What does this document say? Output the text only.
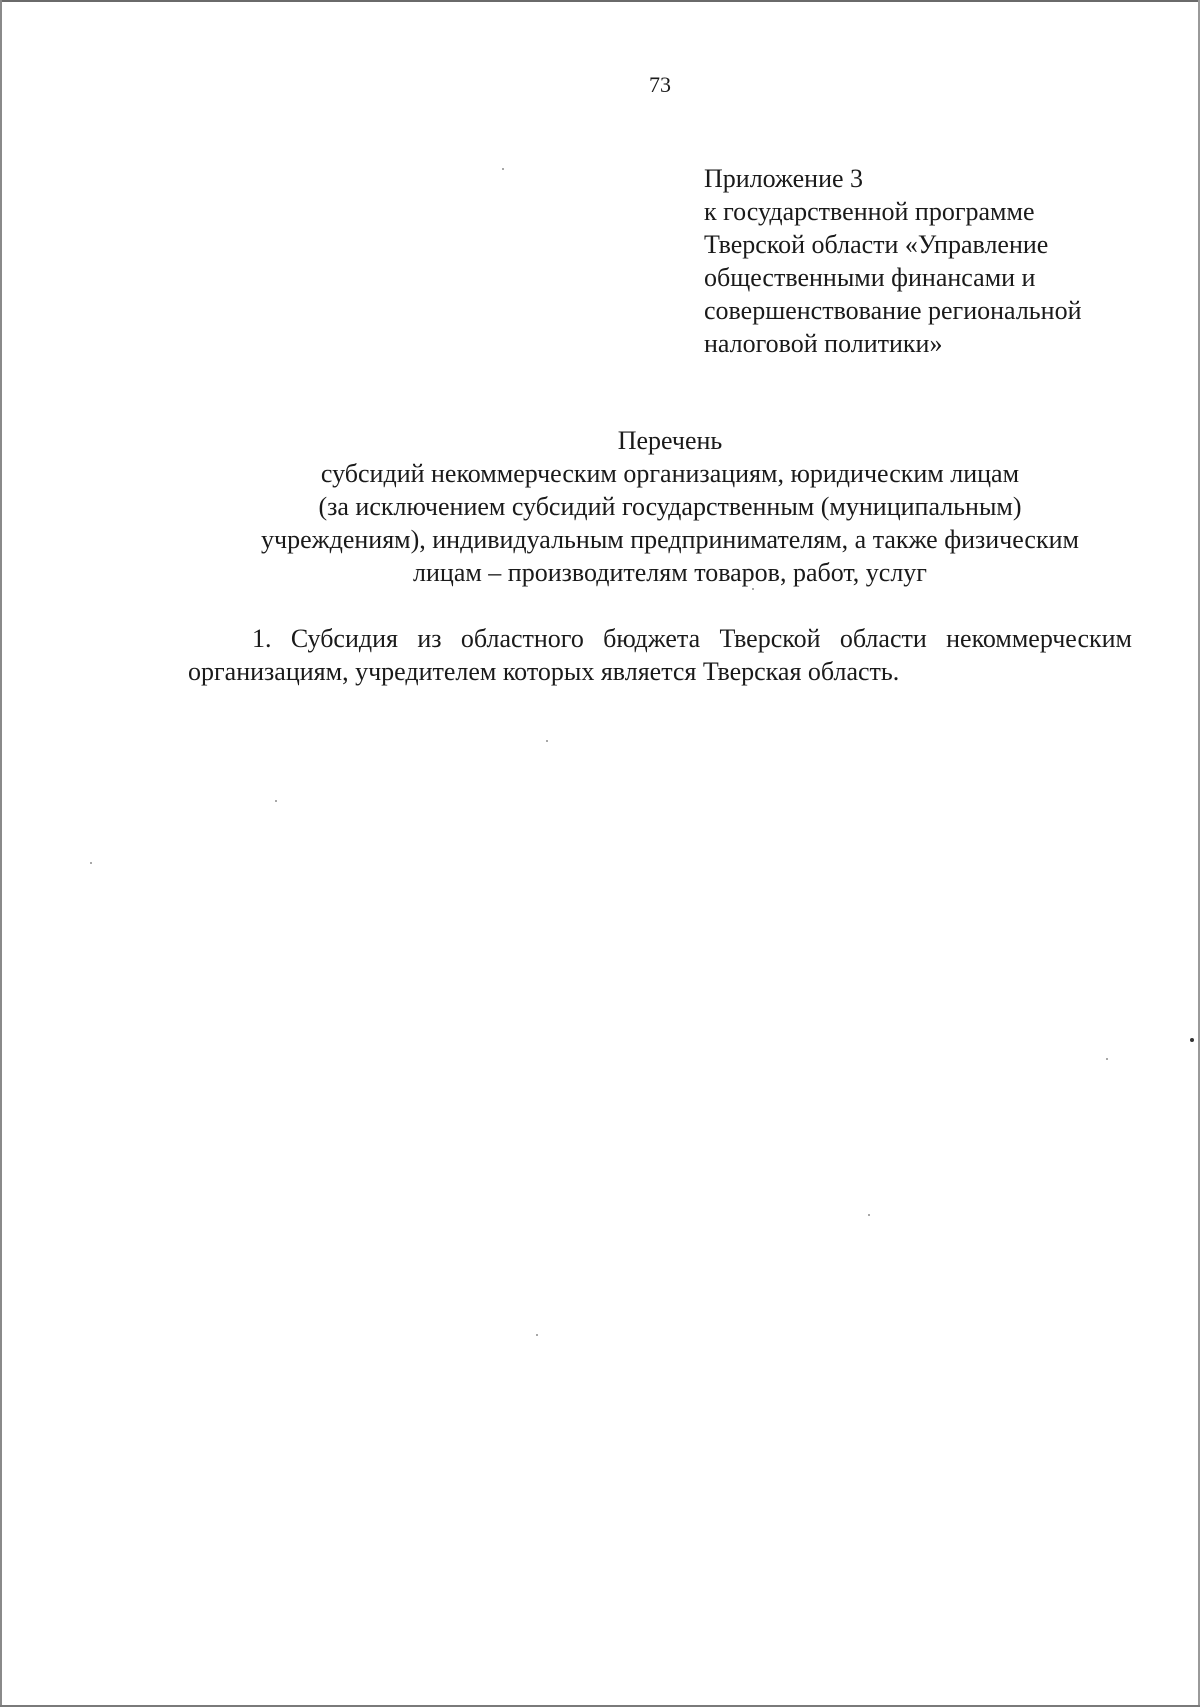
73
Приложение 3
к государственной программе
Тверской области «Управление
общественными финансами и
совершенствование региональной
налоговой политики»
Перечень
субсидий некоммерческим организациям, юридическим лицам
(за исключением субсидий государственным (муниципальным)
учреждениям), индивидуальным предпринимателям, а также физическим
лицам – производителям товаров, работ, услуг
1. Субсидия из областного бюджета Тверской области некоммерческим
организациям, учредителем которых является Тверская область.
